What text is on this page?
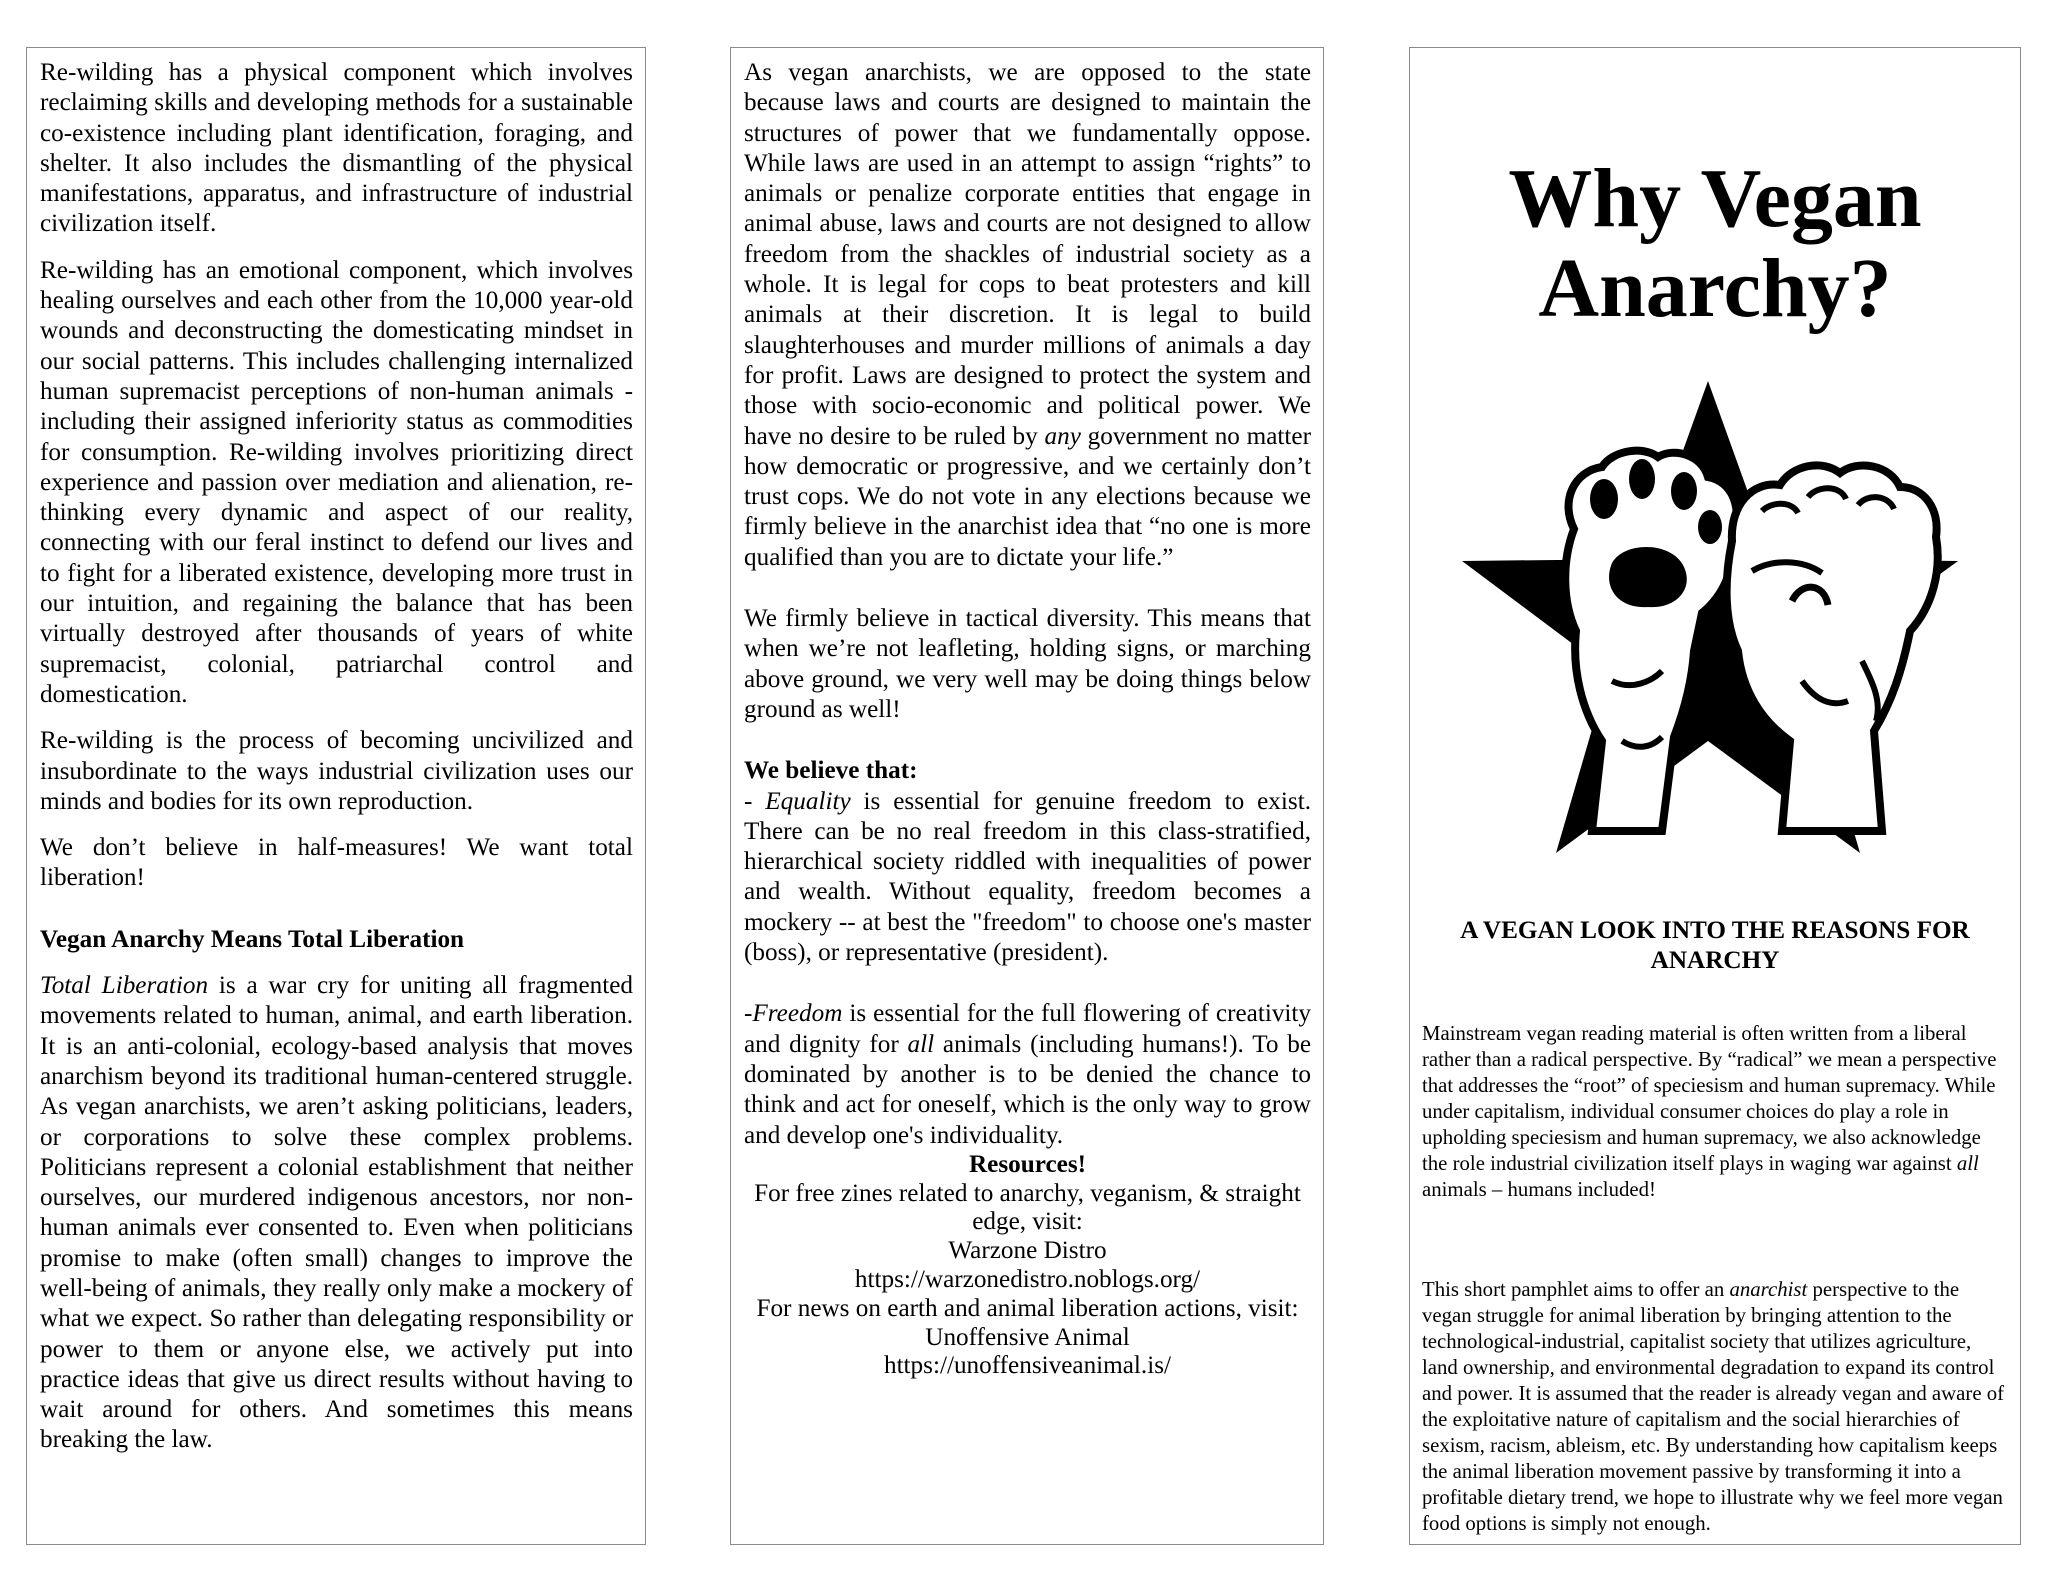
Re-wilding has a physical component which involves reclaiming skills and developing methods for a sustainable co-existence including plant identification, foraging, and shelter. It also includes the dismantling of the physical manifestations, apparatus, and infrastructure of industrial civilization itself.

Re-wilding has an emotional component, which involves healing ourselves and each other from the 10,000 year-old wounds and deconstructing the domesticating mindset in our social patterns. This includes challenging internalized human supremacist perceptions of non-human animals - including their assigned inferiority status as commodities for consumption. Re-wilding involves prioritizing direct experience and passion over mediation and alienation, re-thinking every dynamic and aspect of our reality, connecting with our feral instinct to defend our lives and to fight for a liberated existence, developing more trust in our intuition, and regaining the balance that has been virtually destroyed after thousands of years of white supremacist, colonial, patriarchal control and domestication.

Re-wilding is the process of becoming uncivilized and insubordinate to the ways industrial civilization uses our minds and bodies for its own reproduction.

We don’t believe in half-measures! We want total liberation!

Vegan Anarchy Means Total Liberation

Total Liberation is a war cry for uniting all fragmented movements related to human, animal, and earth liberation. It is an anti-colonial, ecology-based analysis that moves anarchism beyond its traditional human-centered struggle. As vegan anarchists, we aren’t asking politicians, leaders, or corporations to solve these complex problems. Politicians represent a colonial establishment that neither ourselves, our murdered indigenous ancestors, nor non-human animals ever consented to. Even when politicians promise to make (often small) changes to improve the well-being of animals, they really only make a mockery of what we expect. So rather than delegating responsibility or power to them or anyone else, we actively put into practice ideas that give us direct results without having to wait around for others. And sometimes this means breaking the law.

As vegan anarchists, we are opposed to the state because laws and courts are designed to maintain the structures of power that we fundamentally oppose. While laws are used in an attempt to assign “rights” to animals or penalize corporate entities that engage in animal abuse, laws and courts are not designed to allow freedom from the shackles of industrial society as a whole. It is legal for cops to beat protesters and kill animals at their discretion. It is legal to build slaughterhouses and murder millions of animals a day for profit. Laws are designed to protect the system and those with socio-economic and political power. We have no desire to be ruled by any government no matter how democratic or progressive, and we certainly don’t trust cops. We do not vote in any elections because we firmly believe in the anarchist idea that “no one is more qualified than you are to dictate your life.”

We firmly believe in tactical diversity. This means that when we’re not leafleting, holding signs, or marching above ground, we very well may be doing things below ground as well!

We believe that:

- Equality is essential for genuine freedom to exist. There can be no real freedom in this class-stratified, hierarchical society riddled with inequalities of power and wealth. Without equality, freedom becomes a mockery -- at best the "freedom" to choose one's master (boss), or representative (president).

-Freedom is essential for the full flowering of creativity and dignity for all animals (including humans!). To be dominated by another is to be denied the chance to think and act for oneself, which is the only way to grow and develop one's individuality.

Resources!

For free zines related to anarchy, veganism, & straight edge, visit:

Warzone Distro

https://warzonedistro.noblogs.org/

For news on earth and animal liberation actions, visit:

Unoffensive Animal

https://unoffensiveanimal.is/

Why Vegan
Anarchy?
A VEGAN LOOK INTO THE REASONS FOR ANARCHY

Mainstream vegan reading material is often written from a liberal rather than a radical perspective. By “radical” we mean a perspective that addresses the “root” of speciesism and human supremacy. While under capitalism, individual consumer choices do play a role in upholding speciesism and human supremacy, we also acknowledge the role industrial civilization itself plays in waging war against all animals – humans included!

This short pamphlet aims to offer an anarchist perspective to the vegan struggle for animal liberation by bringing attention to the technological-industrial, capitalist society that utilizes agriculture, land ownership, and environmental degradation to expand its control and power. It is assumed that the reader is already vegan and aware of the exploitative nature of capitalism and the social hierarchies of sexism, racism, ableism, etc. By understanding how capitalism keeps the animal liberation movement passive by transforming it into a profitable dietary trend, we hope to illustrate why we feel more vegan food options is simply not enough.
